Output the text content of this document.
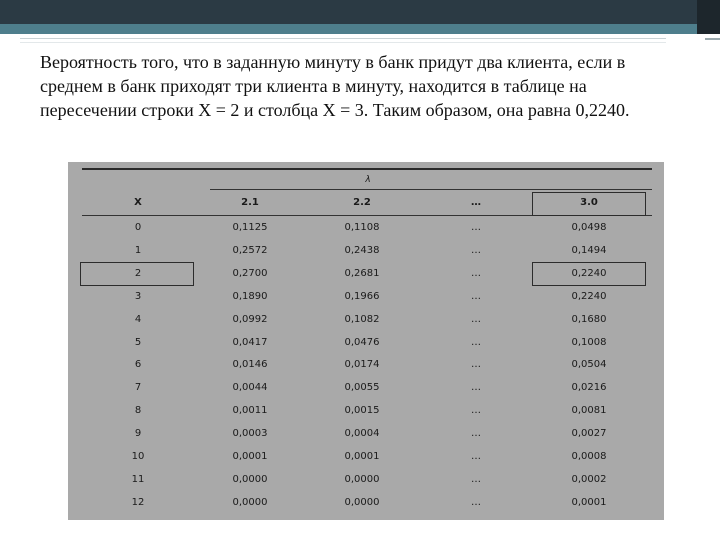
Вероятность того, что в заданную минуту в банк придут два клиента, если в среднем в банк приходят три клиента в минуту, находится в таблице на пересечении строки X = 2 и столбца X = 3. Таким образом, она равна 0,2240.

λ
X	2.1	2.2	…	3.0
0	0,1125	0,1108	…	0,0498
1	0,2572	0,2438	…	0,1494
2	0,2700	0,2681	…	0,2240
3	0,1890	0,1966	…	0,2240
4	0,0992	0,1082	…	0,1680
5	0,0417	0,0476	…	0,1008
6	0,0146	0,0174	…	0,0504
7	0,0044	0,0055	…	0,0216
8	0,0011	0,0015	…	0,0081
9	0,0003	0,0004	…	0,0027
10	0,0001	0,0001	…	0,0008
11	0,0000	0,0000	…	0,0002
12	0,0000	0,0000	…	0,0001
